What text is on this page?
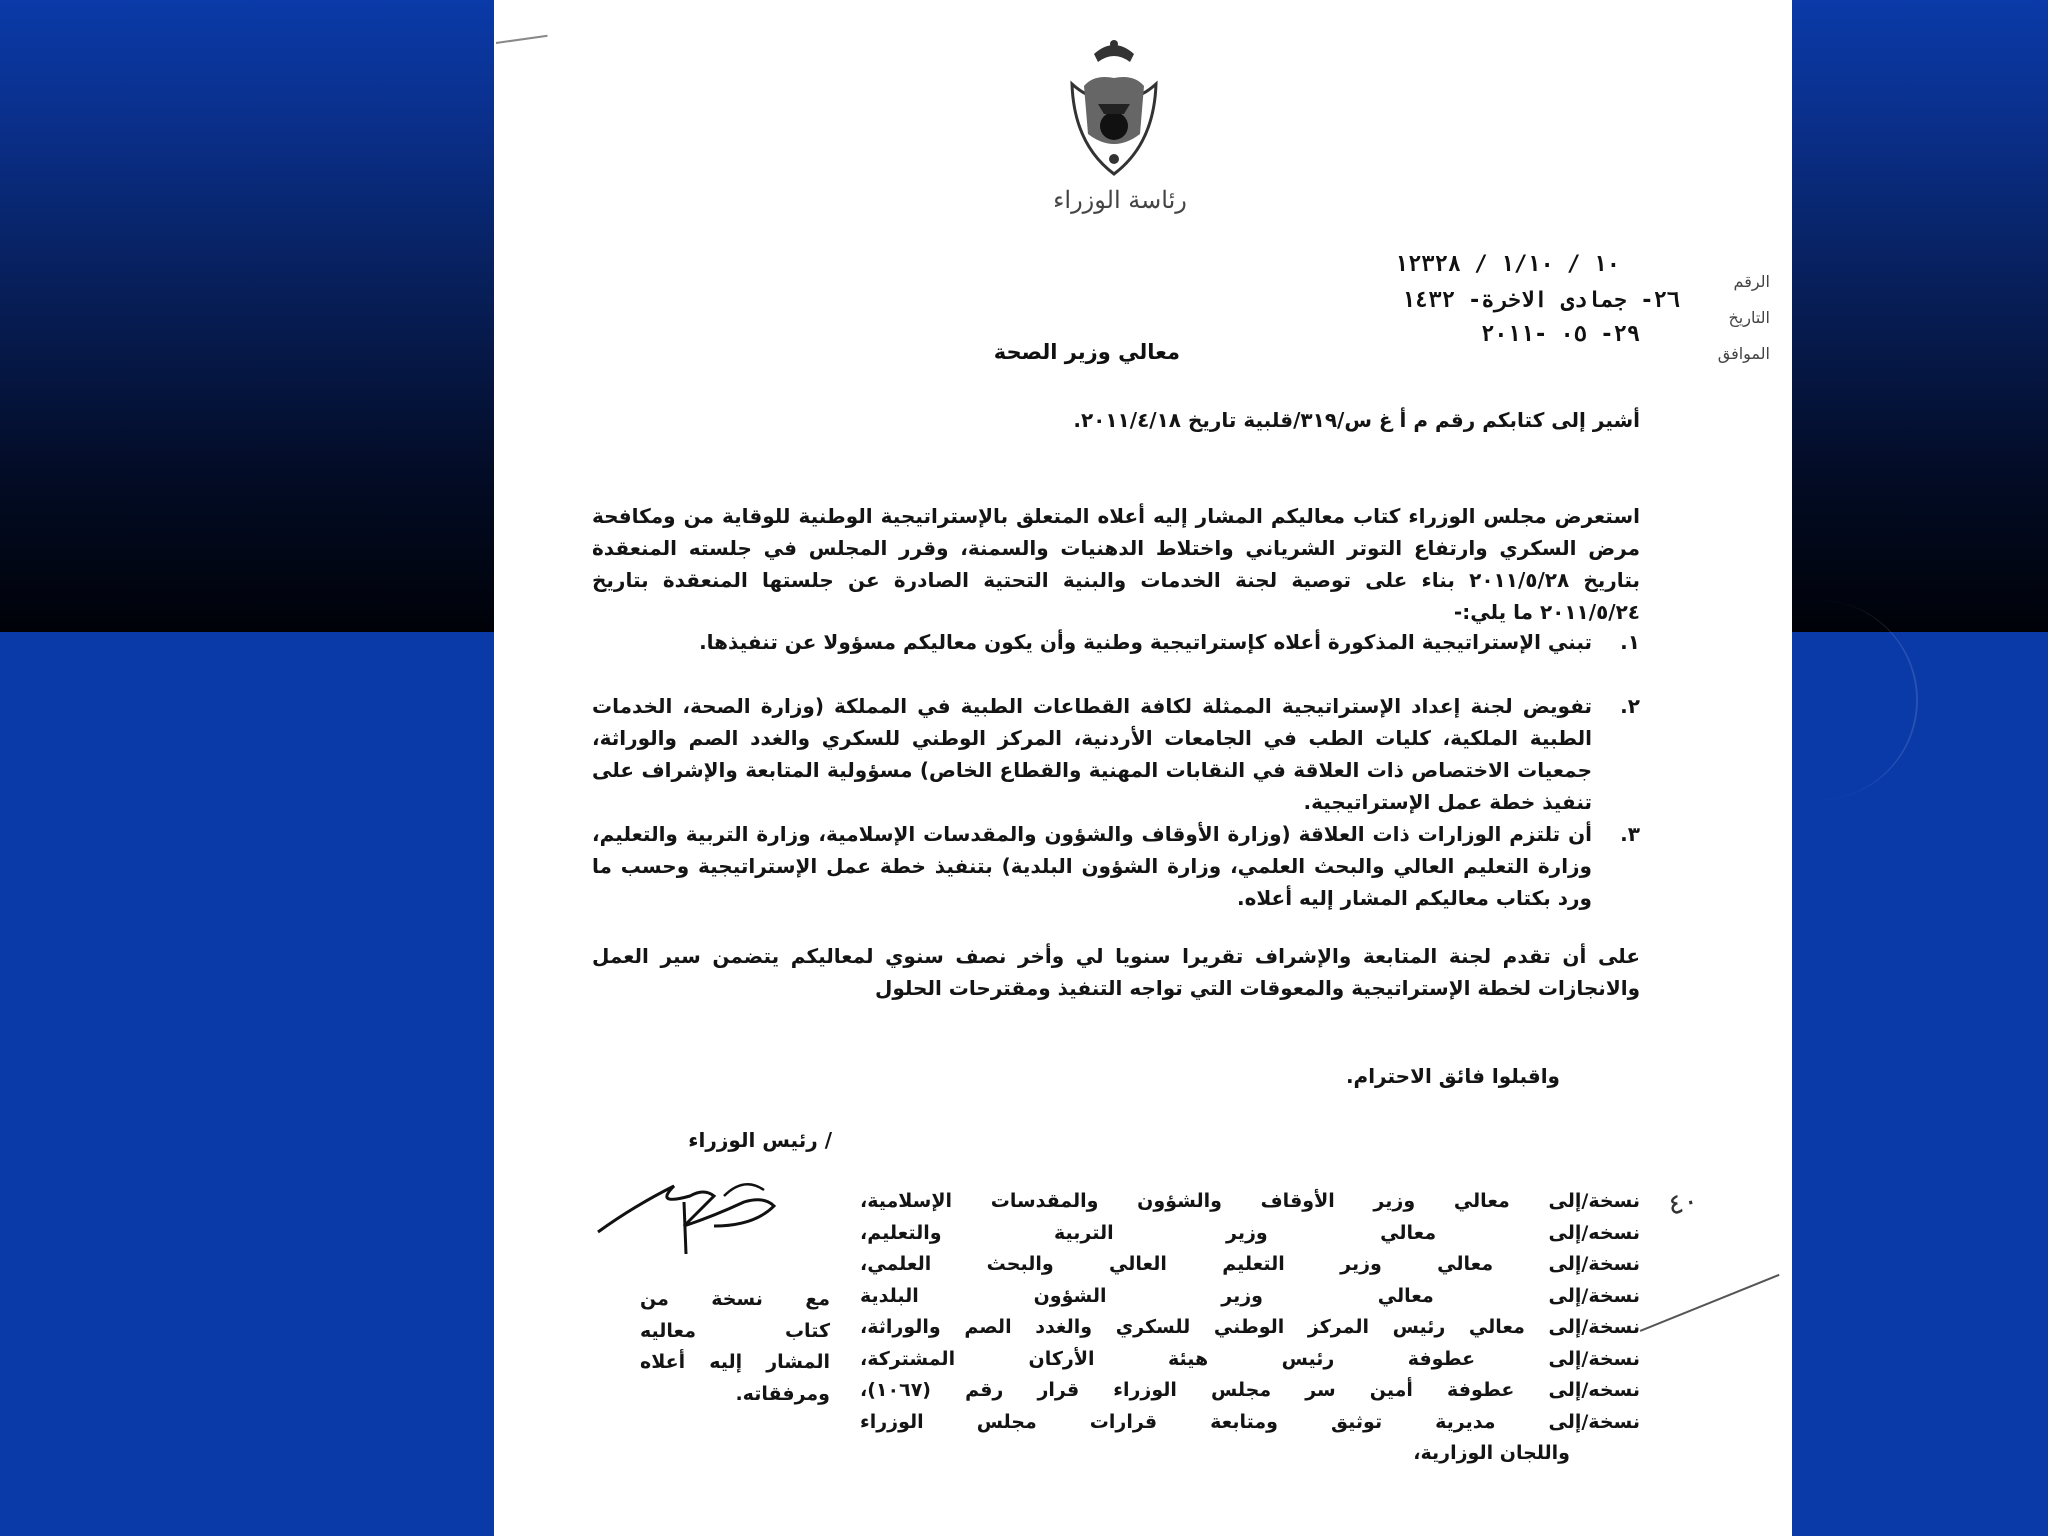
رئاسة الوزراء
الرقم
التاريخ
الموافق
١٠ / ١/١٠ / ١٢٣٢٨
٢٦- جمادى الاخرة- ١٤٣٢
٢٩- ٠٥ -٢٠١١
معالي وزير الصحة
أشير إلى كتابكم رقم م أ غ س/٣١٩/قلبية تاريخ ٢٠١١/٤/١٨.
استعرض مجلس الوزراء كتاب معاليكم المشار إليه أعلاه المتعلق بالإستراتيجية الوطنية للوقاية من ومكافحة مرض السكري وارتفاع التوتر الشرياني واختلاط الدهنيات والسمنة، وقرر المجلس في جلسته المنعقدة بتاريخ ٢٠١١/٥/٢٨ بناء على توصية لجنة الخدمات والبنية التحتية الصادرة عن جلستها المنعقدة بتاريخ ٢٠١١/٥/٢٤ ما يلي:-
١.
تبني الإستراتيجية المذكورة أعلاه كإستراتيجية وطنية وأن يكون معاليكم مسؤولا عن تنفيذها.
٢.
تفويض لجنة إعداد الإستراتيجية الممثلة لكافة القطاعات الطبية في المملكة (وزارة الصحة، الخدمات الطبية الملكية، كليات الطب في الجامعات الأردنية، المركز الوطني للسكري والغدد الصم والوراثة، جمعيات الاختصاص ذات العلاقة في النقابات المهنية والقطاع الخاص) مسؤولية المتابعة والإشراف على تنفيذ خطة عمل الإستراتيجية.
٣.
أن تلتزم الوزارات ذات العلاقة (وزارة الأوقاف والشؤون والمقدسات الإسلامية، وزارة التربية والتعليم، وزارة التعليم العالي والبحث العلمي، وزارة الشؤون البلدية) بتنفيذ خطة عمل الإستراتيجية وحسب ما ورد بكتاب معاليكم المشار إليه أعلاه.
على أن تقدم لجنة المتابعة والإشراف تقريرا سنويا لي وأخر نصف سنوي لمعاليكم يتضمن سير العمل والانجازات لخطة الإستراتيجية والمعوقات التي تواجه التنفيذ ومقترحات الحلول
واقبلوا فائق الاحترام.
/ رئيس الوزراء
نسخة/إلى معالي وزير الأوقاف والشؤون والمقدسات الإسلامية،
نسخه/إلى معالي وزير التربية والتعليم،
نسخة/إلى معالي وزير التعليم العالي والبحث العلمي،
نسخة/إلى معالي وزير الشؤون البلدية
نسخة/إلى معالي رئيس المركز الوطني للسكري والغدد الصم والوراثة،
نسخة/إلى عطوفة رئيس هيئة الأركان المشتركة،
نسخه/إلى عطوفة أمين سر مجلس الوزراء قرار رقم (١٠٦٧)،
نسخة/إلى مديرية توثيق ومتابعة قرارات مجلس الوزراء
واللجان الوزارية،
مع نسخة من
كتاب معاليه
المشار إليه أعلاه
ومرفقاته.
٤٠
